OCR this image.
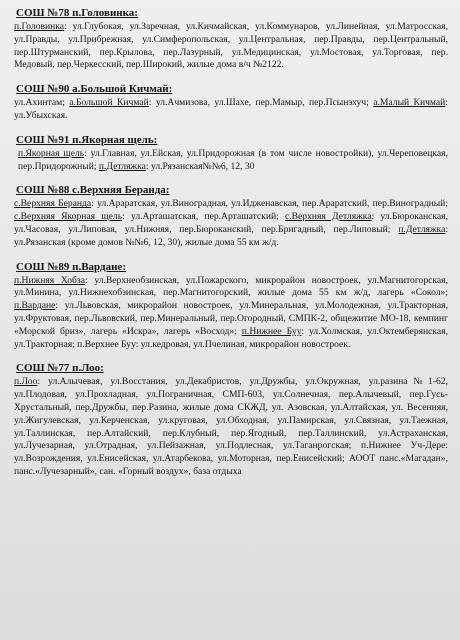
СОШ №78 п.Головинка:

п.Головинка: ул.Глубокая, ул.Заречная, ул.Кичмайская, ул.Коммунаров, ул.Линейная, ул.Матросская, ул.Правды, ул.Прибрежная, ул.Симферопольская, ул.Центральная, пер.Правды, пер.Центральный, пер.Штурманский, пер.Крылова, пер.Лазурный, ул.Медицинская, ул.Мостовая, ул.Торговая, пер. Медовый, пер.Черкесский, пер.Широкий, жилые дома в/ч №2122.

СОШ №90 а.Большой Кичмай:

ул.Ахинтам; а.Большой Кичмай: ул.Ачмизова, ул.Шахе, пер.Мамыр, пер.Псынэхуч; а.Малый Кичмай: ул.Убыхская.

СОШ №91 п.Якорная щель:

п.Якорная щель: ул.Главная, ул.Ейская, ул.Придорожная (в том числе новостройки), ул.Череповецкая, пер.Придорожный; п.Детляжка: ул.Рязанская№№6, 12, 30

СОШ №88 с.Верхняя Беранда:

с.Верхняя Беранда: ул.Араратская, ул.Виноградная, ул.Идженавская, пер.Араратский, пер.Виноградный; с.Верхняя Якорная щель: ул.Арташатская, пер.Арташатский; с.Верхняя Детляжка: ул.Бюроканская, ул.Часовая, ул.Липовая, ул.Нижняя, пер.Бюроканский, пер.Бригадный, пер.Липовый; п.Детляжка: ул.Рязанская (кроме домов №№6, 12, 30), жилые дома 55 км ж/д.

СОШ №89 п.Вардане:

п.Нижняя Хобза: ул.Верхнеобзинская, ул.Пожарского, микрорайон новостроек, ул.Магнитогорская, ул.Минина, ул.Нижнехобзинская, пер.Магнитогорский, жилые дома 55 км ж/д, лагерь «Сокол»; п.Вардане: ул.Львовская, микрорайон новостроек, ул.Минеральная, ул.Молодежная, ул.Тракторная, ул.Фруктовая, пер.Львовский, пер.Минеральный, пер.Огородный, СМПК-2, общежитие МО-18, кемпинг «Морской бриз», лагерь «Искра», лагерь «Восход»; п.Нижнее Буу: ул.Холмская, ул.Октемберянская, ул.Тракторная; п.Верхнее Буу: ул.кедровая, ул.Пчелиная, микрорайон новостроек.

СОШ №77 п.Лоо:

п.Лоо: ул.Алычевая, ул.Восстания, ул.Декабристов, ул.Дружбы, ул.Окружная, ул.разина№1-62, ул.Плодовая, ул.Прохладная, ул.Пограничная, СМП-603, ул.Солнечная, пер.Алычевый, пер.Гусь-Хрустальный, пер.Дружбы, пер.Разина, жилые дома СКЖД, ул. Азовская, ул.Алтайская, ул. Весенняя, ул.Жигулевская, ул.Керченская, ул.круговая, ул.Обходная, ул.Памирская, ул.Связная, ул.Таежная, ул.Таллинская, пер.Алтайский, пер.Клубный, пер.Ягодный, пер.Таллинский, ул.Астраханская, ул.Лучезарная, ул.Отрадная, ул.Пейзажная, ул.Подлесная, ул.Таганрогская; п.Нижнее Уч-Дере: ул.Возрождения, ул.Енисейская, ул.Атарбекова, ул.Моторная, пер.Енисейский; АООТ панс.«Магадан», панс.«Лучезарный», сан. «Горный воздух», база отдыха
